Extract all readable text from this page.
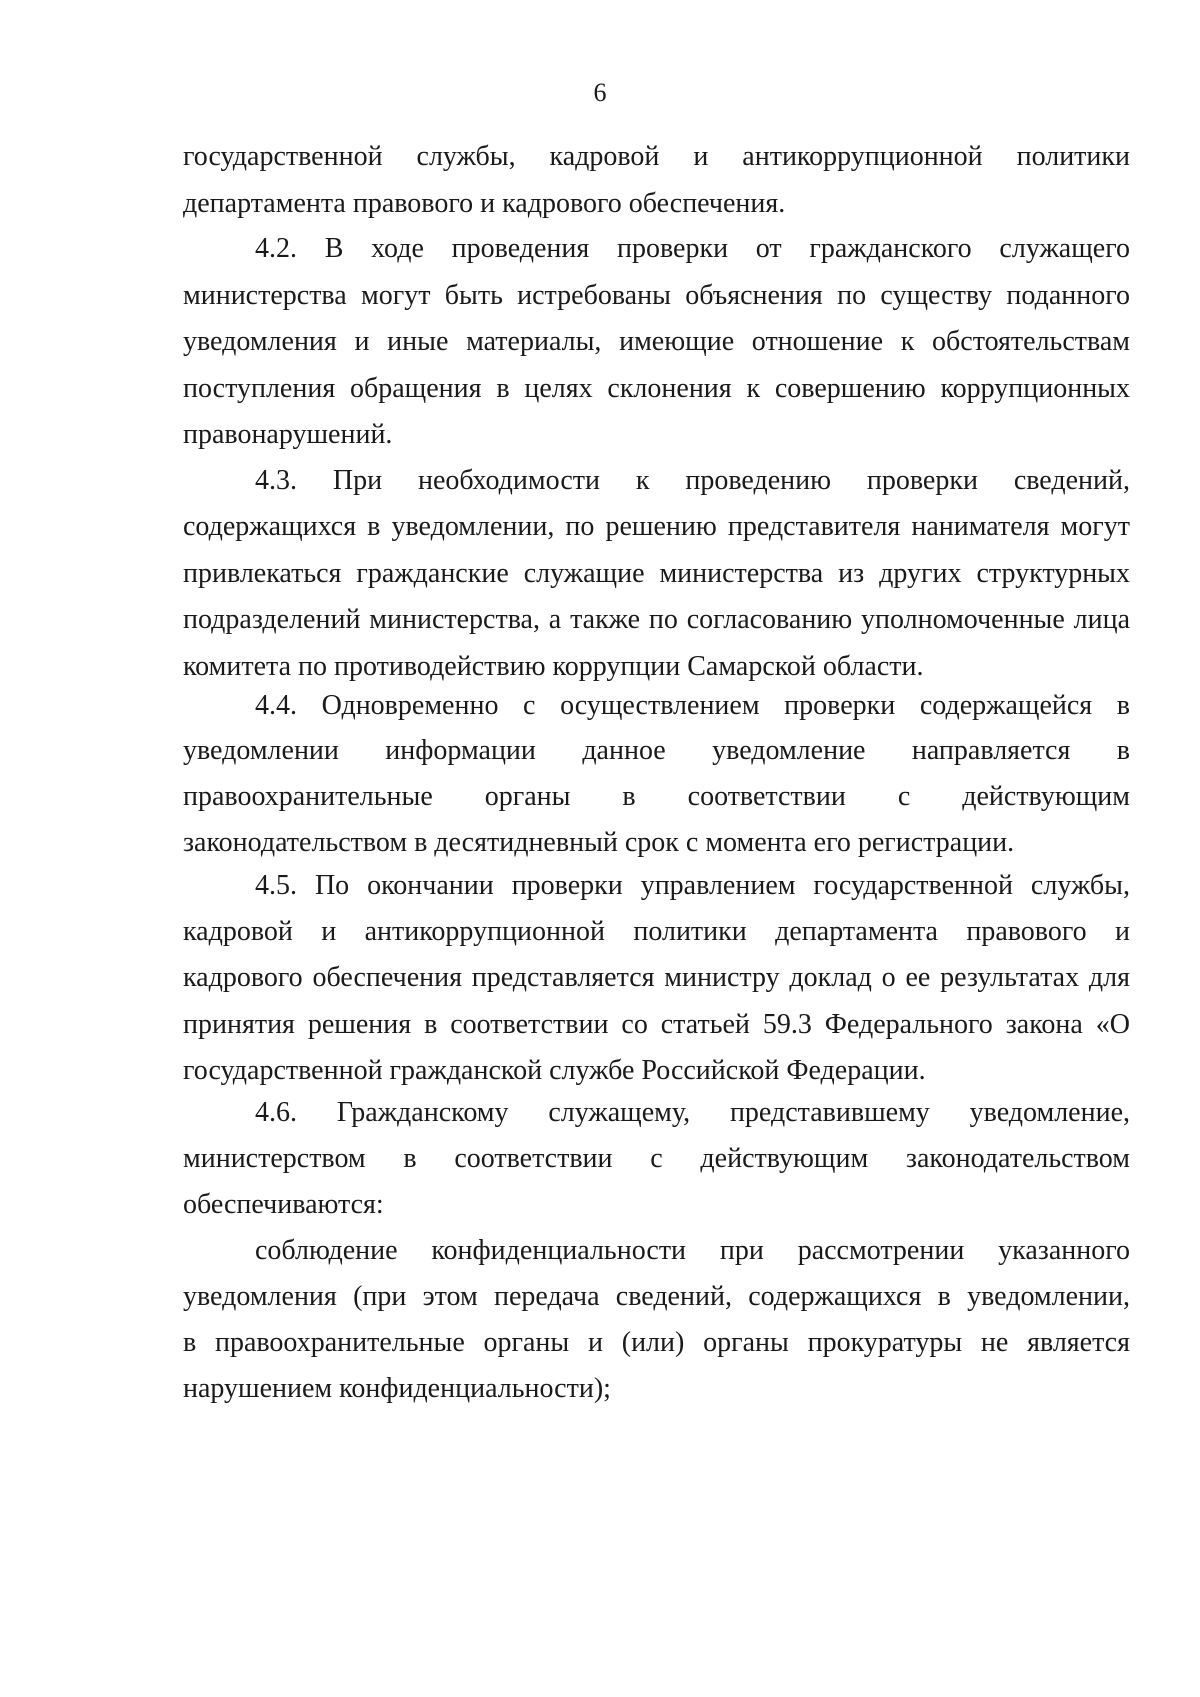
6
государственной службы, кадровой и антикоррупционной политики
департамента правового и кадрового обеспечения.
4.2. В ходе проведения проверки от гражданского служащего
министерства могут быть истребованы объяснения по существу поданного
уведомления и иные материалы, имеющие отношение к обстоятельствам
поступления обращения в целях склонения к совершению коррупционных
правонарушений.
4.3. При необходимости к проведению проверки сведений,
содержащихся в уведомлении, по решению представителя нанимателя могут
привлекаться гражданские служащие министерства из других структурных
подразделений министерства, а также по согласованию уполномоченные лица
комитета по противодействию коррупции Самарской области.
4.4. Одновременно с осуществлением проверки содержащейся в
уведомлении информации данное уведомление направляется в
правоохранительные органы в соответствии с действующим
законодательством в десятидневный срок с момента его регистрации.
4.5. По окончании проверки управлением государственной службы,
кадровой и антикоррупционной политики департамента правового и
кадрового обеспечения представляется министру доклад о ее результатах для
принятия решения в соответствии со статьей 59.3 Федерального закона «О
государственной гражданской службе Российской Федерации.
4.6. Гражданскому служащему, представившему уведомление,
министерством в соответствии с действующим законодательством
обеспечиваются:
соблюдение конфиденциальности при рассмотрении указанного
уведомления (при этом передача сведений, содержащихся в уведомлении,
в правоохранительные органы и (или) органы прокуратуры не является
нарушением конфиденциальности);
